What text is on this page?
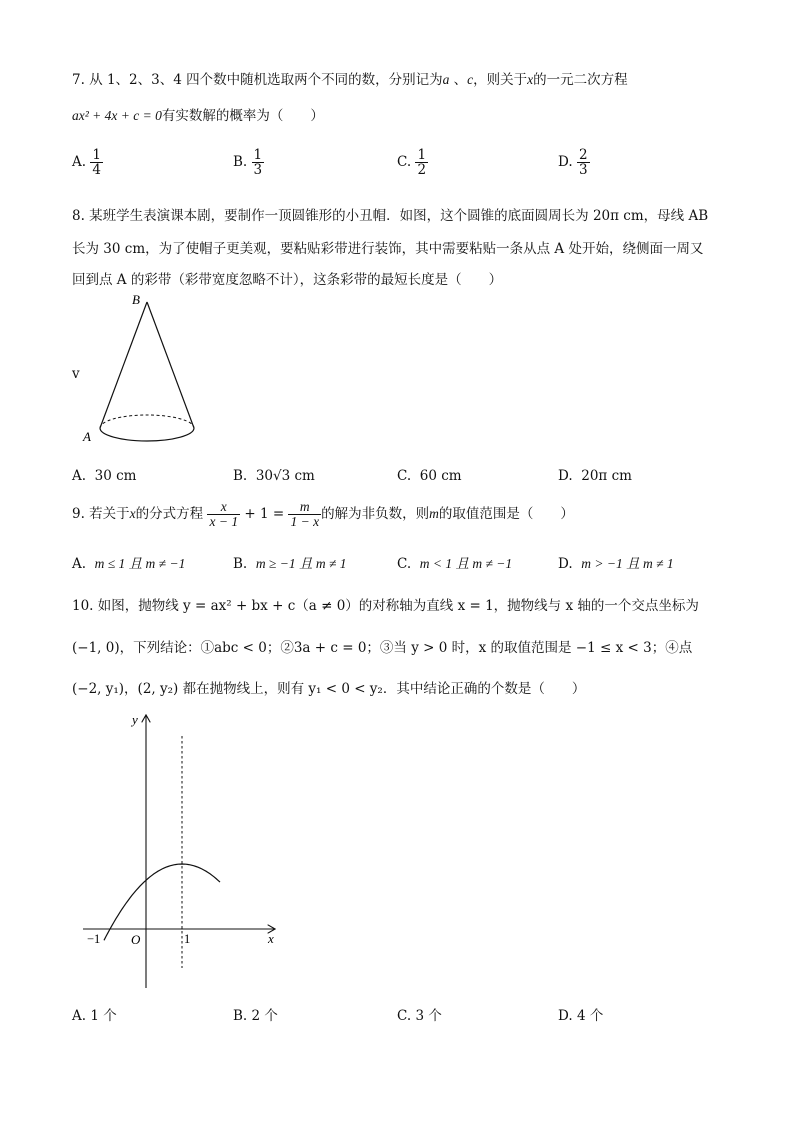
7. 从 1、2、3、4 四个数中随机选取两个不同的数，分别记为a 、c，则关于x的一元二次方程
ax² + 4x + c = 0有实数解的概率为（　　）
A. $\frac{1}{4}$	B. $\frac{1}{3}$	C. $\frac{1}{2}$	D. $\frac{2}{3}$
8. 某班学生表演课本剧，要制作一顶圆锥形的小丑帽．如图，这个圆锥的底面圆周长为 20π cm，母线 AB
长为 30 cm，为了使帽子更美观，要粘贴彩带进行装饰，其中需要粘贴一条从点 A 处开始，绕侧面一周又
回到点 A 的彩带（彩带宽度忽略不计），这条彩带的最短长度是（　　）
v
B
A
A. 30 cm	B. 30√3 cm	C. 60 cm	D. 20π cm
9. 若关于x的分式方程 $\frac{x}{x - 1} + 1 = \frac{m}{1 - x}$ 的解为非负数，则m的取值范围是（　　）
A. m ≤ 1 且 m ≠ −1	B. m ≥ −1 且 m ≠ 1	C. m < 1 且 m ≠ −1	D. m > −1 且 m ≠ 1
10. 如图，抛物线 y = ax² + bx + c（a ≠ 0）的对称轴为直线 x = 1，抛物线与 x 轴的一个交点坐标为
(−1, 0)，下列结论：①abc < 0；②3a + c = 0；③当 y > 0 时，x 的取值范围是 −1 ≤ x < 3；④点
(−2, y₁)，(2, y₂) 都在抛物线上，则有 y₁ < 0 < y₂．其中结论正确的个数是（　　）
y
x
O
−1	1
A. 1 个	B. 2 个	C. 3 个	D. 4 个
